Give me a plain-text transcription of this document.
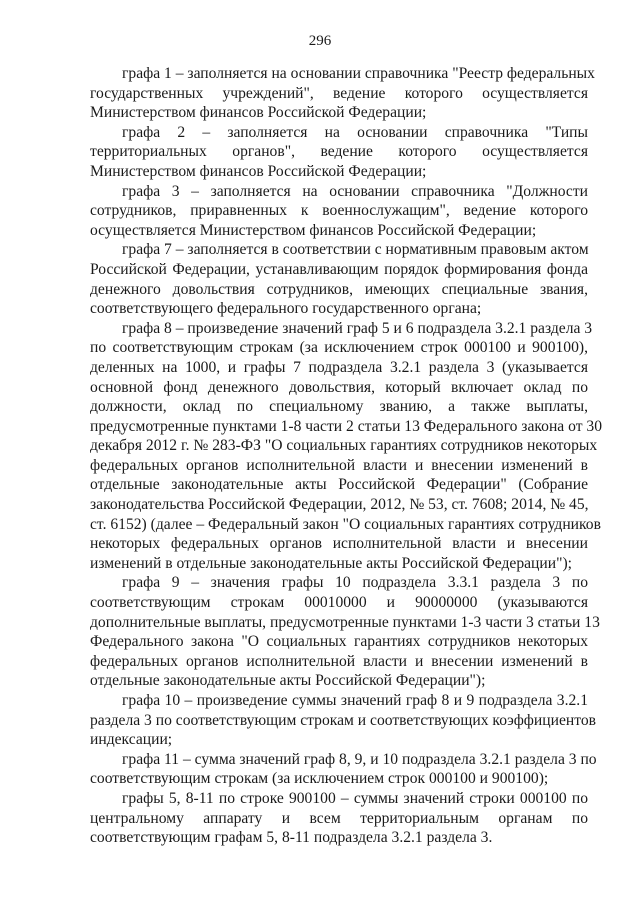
296
графа 1 – заполняется на основании справочника "Реестр федеральных
государственных учреждений", ведение которого осуществляется
Министерством финансов Российской Федерации;
графа 2 – заполняется на основании справочника "Типы
территориальных органов", ведение которого осуществляется
Министерством финансов Российской Федерации;
графа 3 – заполняется на основании справочника "Должности
сотрудников, приравненных к военнослужащим", ведение которого
осуществляется Министерством финансов Российской Федерации;
графа 7 – заполняется в соответствии с нормативным правовым актом
Российской Федерации, устанавливающим порядок формирования фонда
денежного довольствия сотрудников, имеющих специальные звания,
соответствующего федерального государственного органа;
графа 8 – произведение значений граф 5 и 6 подраздела 3.2.1 раздела 3
по соответствующим строкам (за исключением строк 000100 и 900100),
деленных на 1000, и графы 7 подраздела 3.2.1 раздела 3 (указывается
основной фонд денежного довольствия, который включает оклад по
должности, оклад по специальному званию, а также выплаты,
предусмотренные пунктами 1-8 части 2 статьи 13 Федерального закона от 30
декабря 2012 г. № 283-ФЗ "О социальных гарантиях сотрудников некоторых
федеральных органов исполнительной власти и внесении изменений в
отдельные законодательные акты Российской Федерации" (Собрание
законодательства Российской Федерации, 2012, № 53, ст. 7608; 2014, № 45,
ст. 6152) (далее – Федеральный закон "О социальных гарантиях сотрудников
некоторых федеральных органов исполнительной власти и внесении
изменений в отдельные законодательные акты Российской Федерации");
графа 9 – значения графы 10 подраздела 3.3.1 раздела 3 по
соответствующим строкам 00010000 и 90000000 (указываются
дополнительные выплаты, предусмотренные пунктами 1-3 части 3 статьи 13
Федерального закона "О социальных гарантиях сотрудников некоторых
федеральных органов исполнительной власти и внесении изменений в
отдельные законодательные акты Российской Федерации");
графа 10 – произведение суммы значений граф 8 и 9 подраздела 3.2.1
раздела 3 по соответствующим строкам и соответствующих коэффициентов
индексации;
графа 11 – сумма значений граф 8, 9, и 10 подраздела 3.2.1 раздела 3 по
соответствующим строкам (за исключением строк 000100 и 900100);
графы 5, 8-11 по строке 900100 – суммы значений строки 000100 по
центральному аппарату и всем территориальным органам по
соответствующим графам 5, 8-11 подраздела 3.2.1 раздела 3.
